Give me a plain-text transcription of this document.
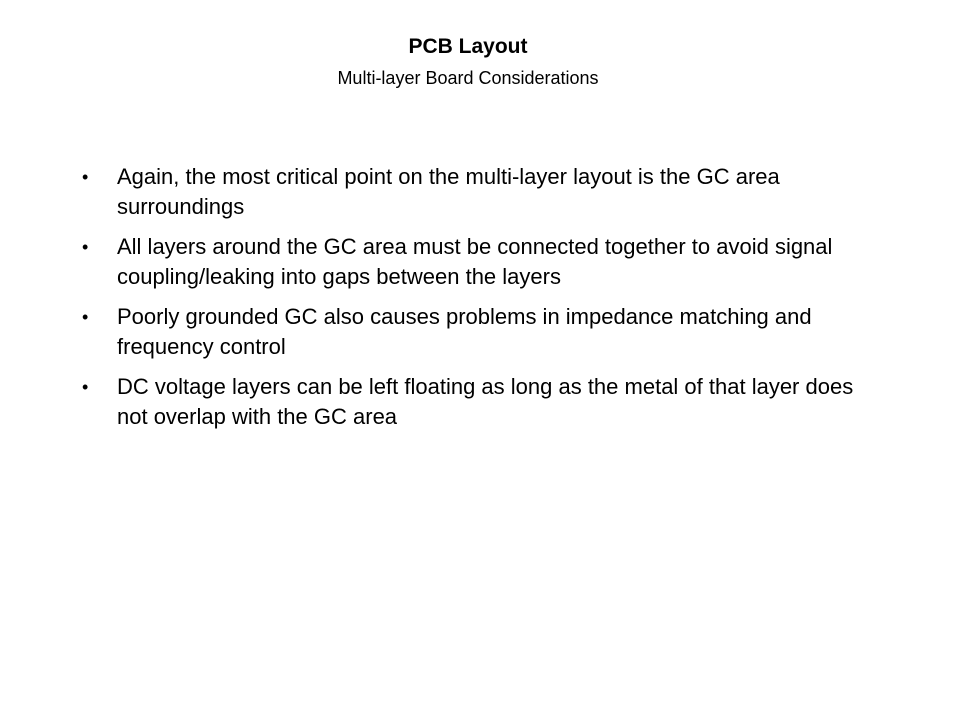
PCB Layout
Multi-layer Board Considerations
• Again, the most critical point on the multi-layer layout is the GC area surroundings
• All layers around the GC area must be connected together to avoid signal coupling/leaking into gaps between the layers
• Poorly grounded GC also causes problems in impedance matching and frequency control
• DC voltage layers can be left floating as long as the metal of that layer does not overlap with the GC area
